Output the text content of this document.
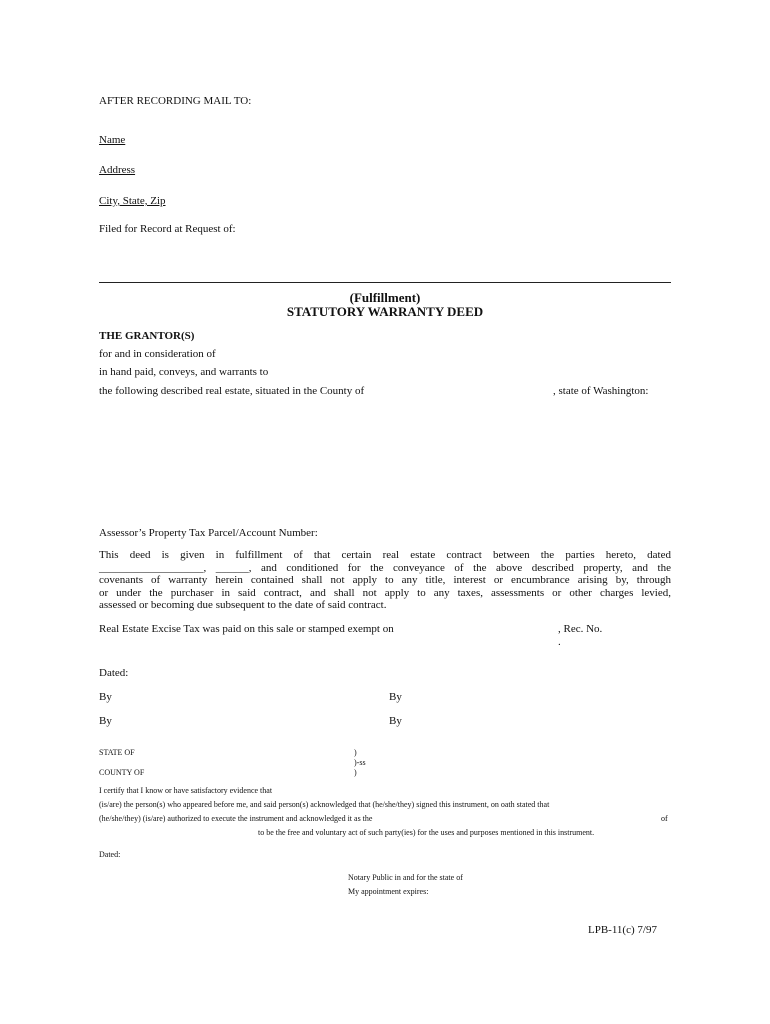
AFTER RECORDING MAIL TO:
Name
Address
City, State, Zip
Filed for Record at Request of:
(Fulfillment)
STATUTORY WARRANTY DEED
THE GRANTOR(S)
for and in consideration of
in hand paid, conveys, and warrants to
the following described real estate, situated in the County of	, state of Washington:
Assessor’s Property Tax Parcel/Account Number:
This deed is given in fulfillment of that certain real estate contract between the parties hereto, dated
___________________, ______, and conditioned for the conveyance of the above described property, and the
covenants of warranty herein contained shall not apply to any title, interest or encumbrance arising by, through
or under the purchaser in said contract, and shall not apply to any taxes, assessments or other charges levied,
assessed or becoming due subsequent to the date of said contract.
Real Estate Excise Tax was paid on this sale or stamped exempt on	, Rec. No.
.
Dated:
By	By
By	By
STATE OF	)
)-ss
COUNTY OF	)
I certify that I know or have satisfactory evidence that
(is/are) the person(s) who appeared before me, and said person(s) acknowledged that (he/she/they) signed this instrument, on oath stated that
(he/she/they) (is/are) authorized to execute the instrument and acknowledged it as the	of
to be the free and voluntary act of such party(ies) for the uses and purposes mentioned in this instrument.
Dated:
Notary Public in and for the state of
My appointment expires:
LPB-11(c) 7/97
